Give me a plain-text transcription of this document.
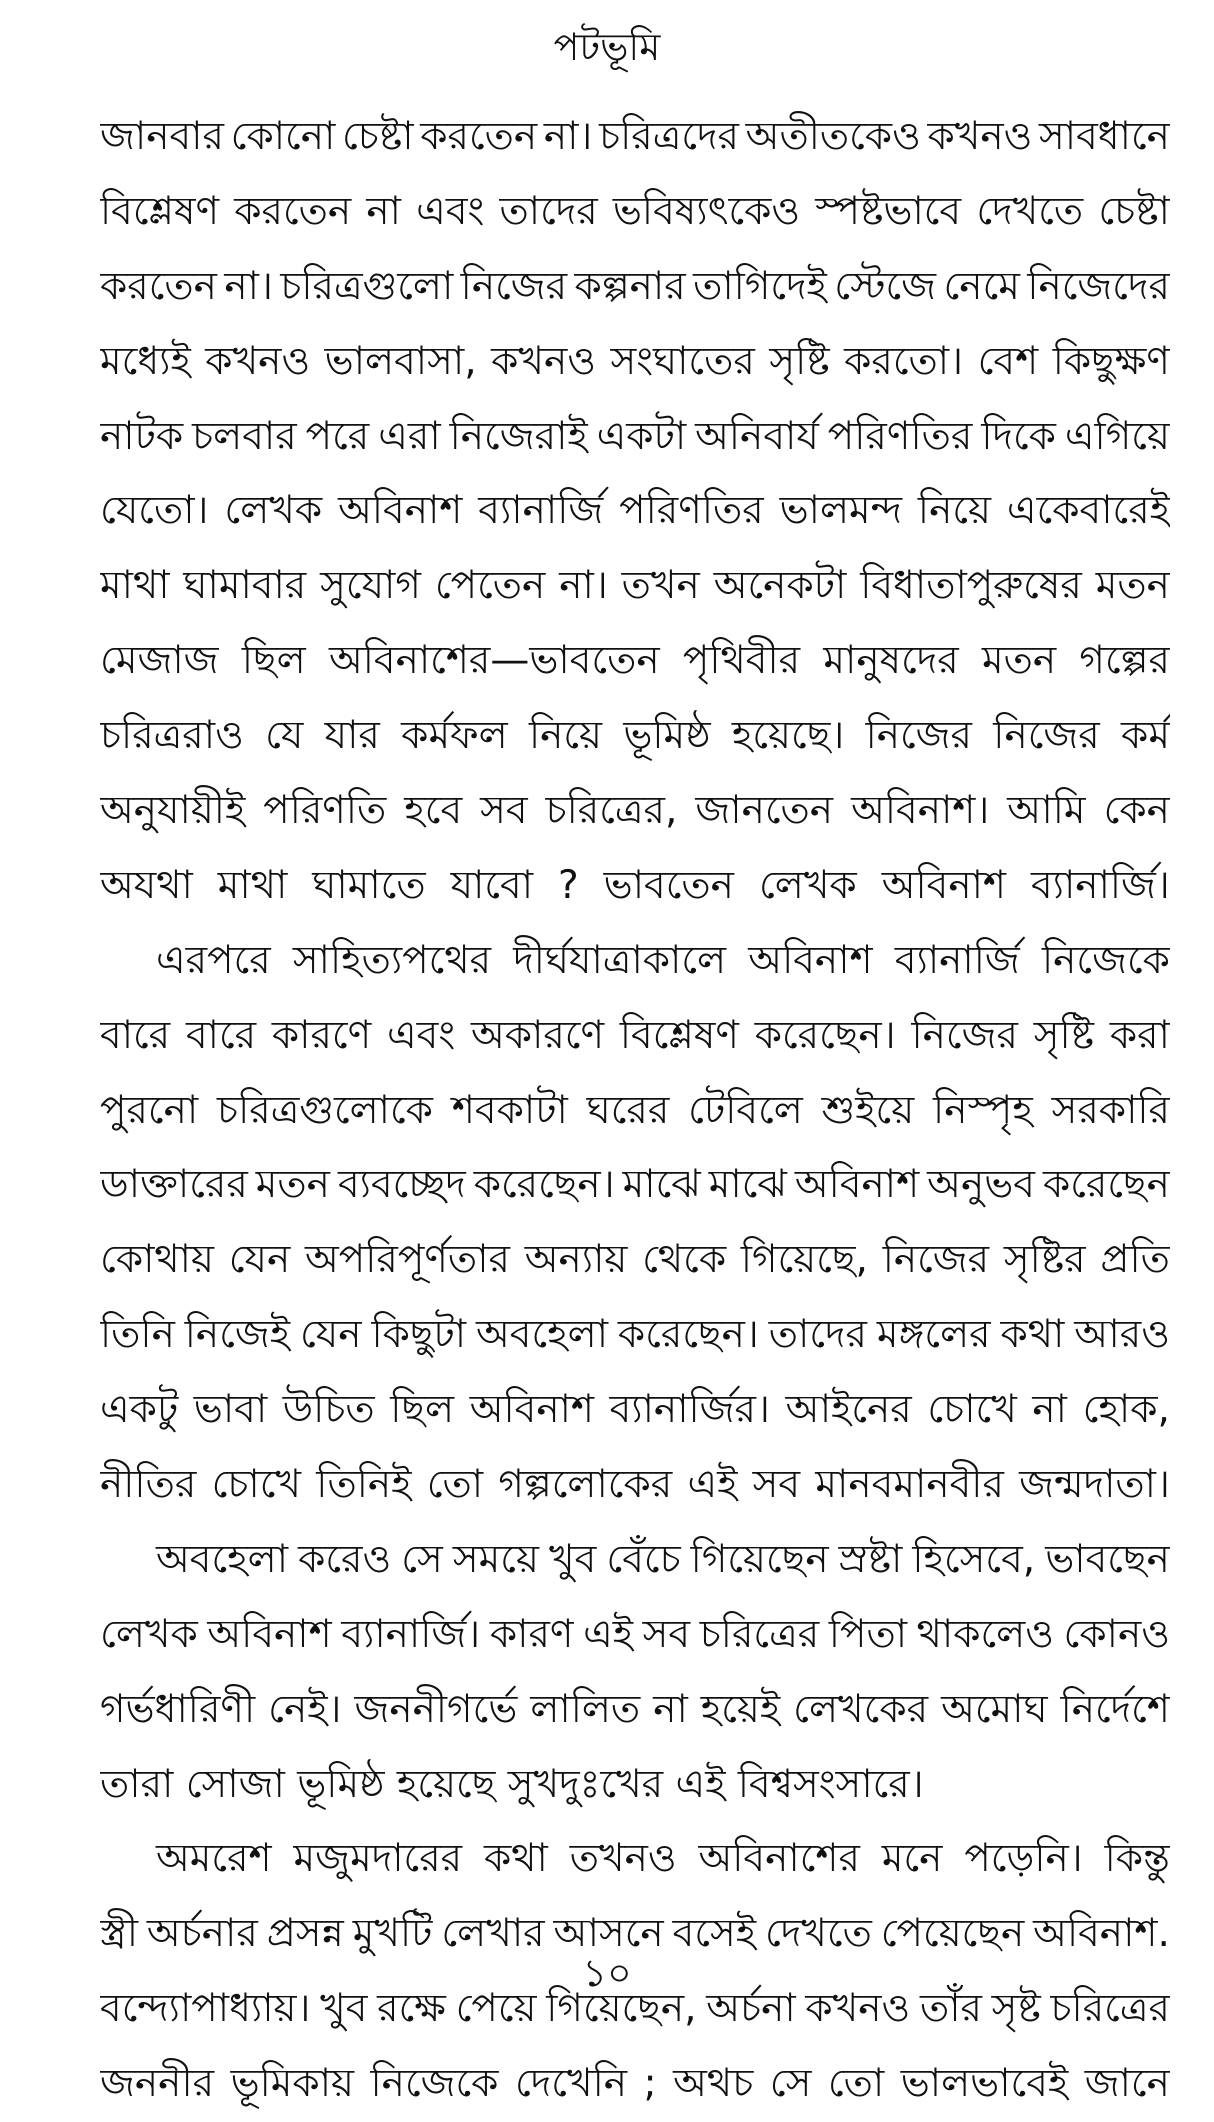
পটভূমি
জানবার কোনো চেষ্টা করতেন না। চরিত্রদের অতীতকেও কখনও সাবধানে
বিশ্লেষণ করতেন না এবং তাদের ভবিষ্যৎকেও স্পষ্টভাবে দেখতে চেষ্টা
করতেন না। চরিত্রগুলো নিজের কল্পনার তাগিদেই স্টেজে নেমে নিজেদের
মধ্যেই কখনও ভালবাসা, কখনও সংঘাতের সৃষ্টি করতো। বেশ কিছুক্ষণ
নাটক চলবার পরে এরা নিজেরাই একটা অনিবার্য পরিণতির দিকে এগিয়ে
যেতো। লেখক অবিনাশ ব্যানার্জি পরিণতির ভালমন্দ নিয়ে একেবারেই
মাথা ঘামাবার সুযোগ পেতেন না। তখন অনেকটা বিধাতাপুরুষের মতন
মেজাজ ছিল অবিনাশের—ভাবতেন পৃথিবীর মানুষদের মতন গল্পের
চরিত্ররাও যে যার কর্মফল নিয়ে ভূমিষ্ঠ হয়েছে। নিজের নিজের কর্ম
অনুযায়ীই পরিণতি হবে সব চরিত্রের, জানতেন অবিনাশ। আমি কেন
অযথা মাথা ঘামাতে যাবো ? ভাবতেন লেখক অবিনাশ ব্যানার্জি।
এরপরে সাহিত্যপথের দীর্ঘযাত্রাকালে অবিনাশ ব্যানার্জি নিজেকে
বারে বারে কারণে এবং অকারণে বিশ্লেষণ করেছেন। নিজের সৃষ্টি করা
পুরনো চরিত্রগুলোকে শবকাটা ঘরের টেবিলে শুইয়ে নিস্পৃহ সরকারি
ডাক্তারের মতন ব্যবচ্ছেদ করেছেন। মাঝে মাঝে অবিনাশ অনুভব করেছেন
কোথায় যেন অপরিপূর্ণতার অন্যায় থেকে গিয়েছে, নিজের সৃষ্টির প্রতি
তিনি নিজেই যেন কিছুটা অবহেলা করেছেন। তাদের মঙ্গলের কথা আরও
একটু ভাবা উচিত ছিল অবিনাশ ব্যানার্জির। আইনের চোখে না হোক,
নীতির চোখে তিনিই তো গল্পলোকের এই সব মানবমানবীর জন্মদাতা।
অবহেলা করেও সে সময়ে খুব বেঁচে গিয়েছেন স্রষ্টা হিসেবে, ভাবছেন
লেখক অবিনাশ ব্যানার্জি। কারণ এই সব চরিত্রের পিতা থাকলেও কোনও
গর্ভধারিণী নেই। জননীগর্ভে লালিত না হয়েই লেখকের অমোঘ নির্দেশে
তারা সোজা ভূমিষ্ঠ হয়েছে সুখদুঃখের এই বিশ্বসংসারে।
অমরেশ মজুমদারের কথা তখনও অবিনাশের মনে পড়েনি। কিন্তু
স্ত্রী অর্চনার প্রসন্ন মুখটি লেখার আসনে বসেই দেখতে পেয়েছেন অবিনাশ.
বন্দ্যোপাধ্যায়। খুব রক্ষে পেয়ে গিয়েছেন, অর্চনা কখনও তাঁর সৃষ্ট চরিত্রের
জননীর ভূমিকায় নিজেকে দেখেনি ; অথচ সে তো ভালভাবেই জানে
১০
